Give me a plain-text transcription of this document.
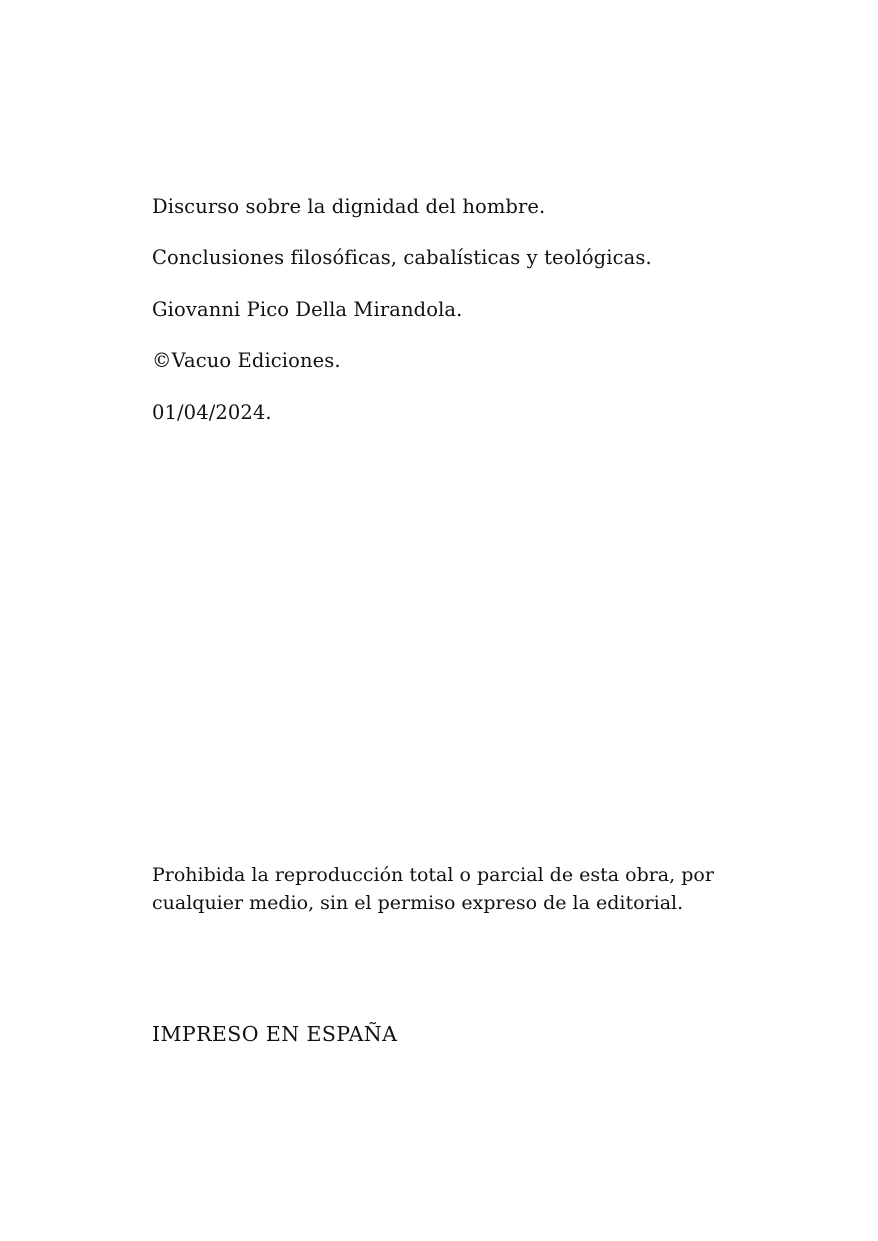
Discurso sobre la dignidad del hombre.
Conclusiones filosóficas, cabalísticas y teológicas.
Giovanni Pico Della Mirandola.
©Vacuo Ediciones.
01/04/2024.
Prohibida la reproducción total o parcial de esta obra, por cualquier medio, sin el permiso expreso de la editorial.
IMPRESO EN ESPAÑA
